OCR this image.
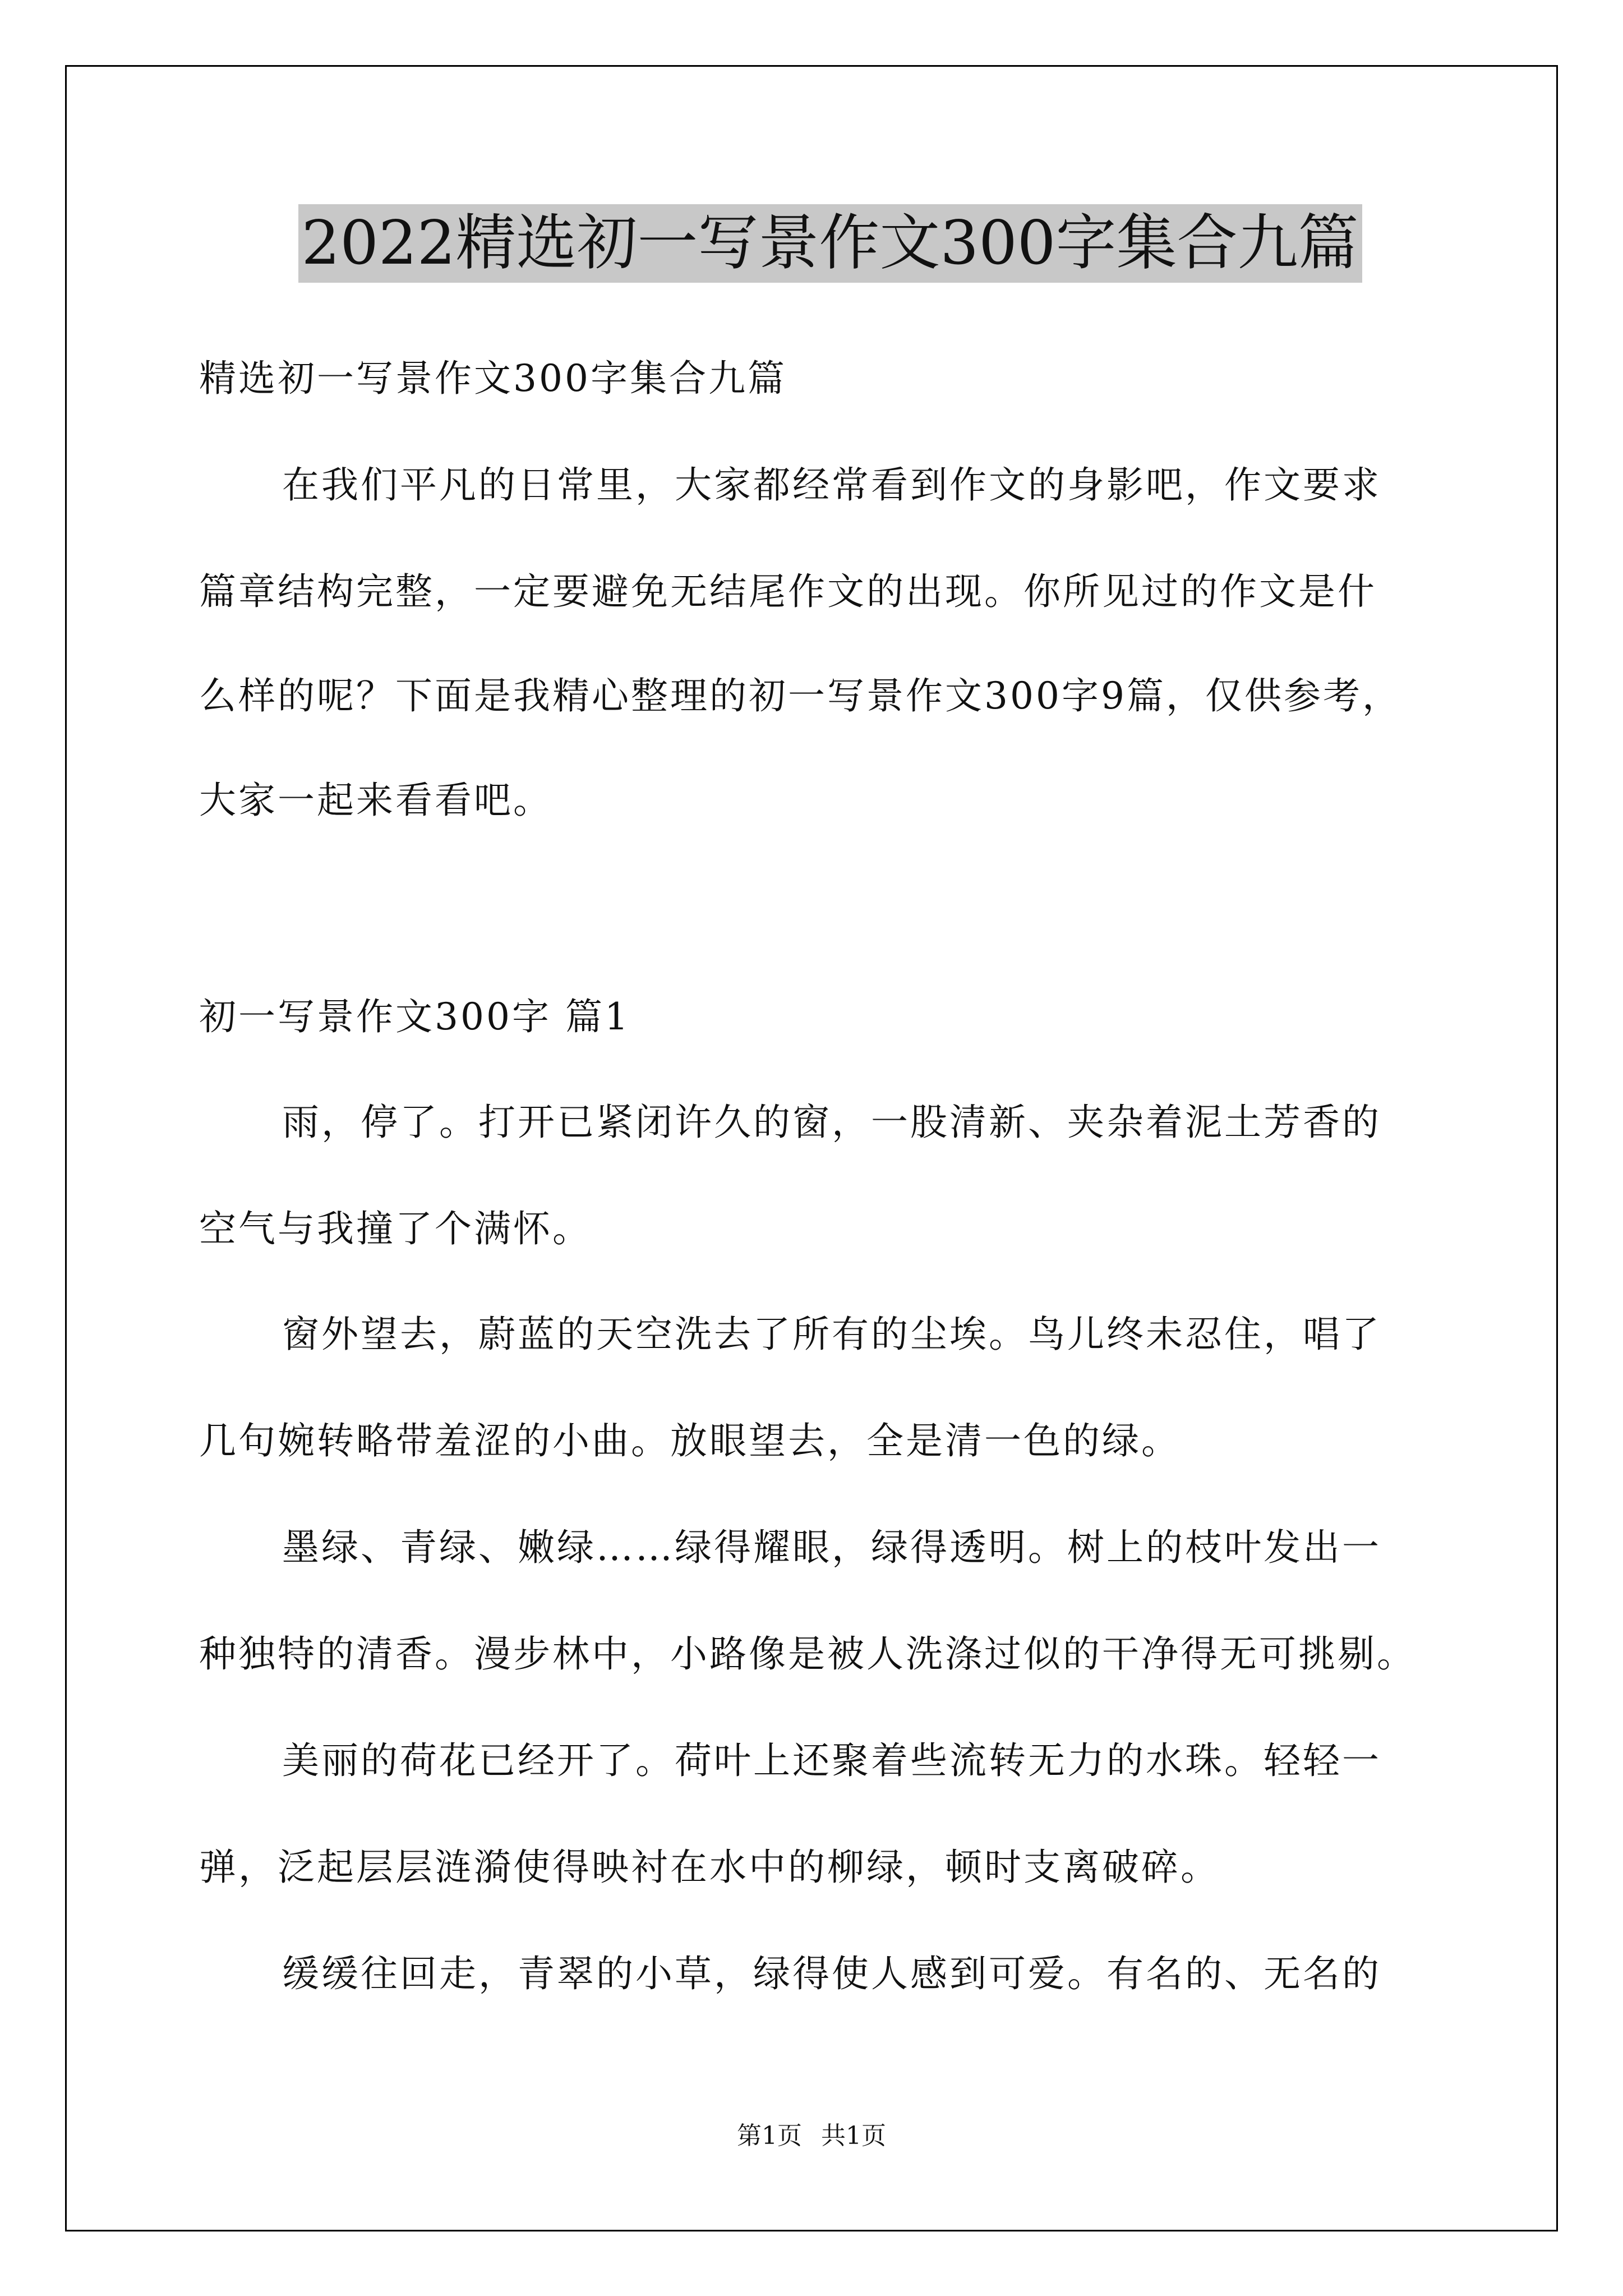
2022精选初一写景作文300字集合九篇
精选初一写景作文300字集合九篇
在我们平凡的日常里，大家都经常看到作文的身影吧，作文要求
篇章结构完整，一定要避免无结尾作文的出现。你所见过的作文是什
么样的呢？下面是我精心整理的初一写景作文300字9篇，仅供参考，
大家一起来看看吧。
初一写景作文300字 篇1
雨，停了。打开已紧闭许久的窗，一股清新、夹杂着泥土芳香的
空气与我撞了个满怀。
窗外望去，蔚蓝的天空洗去了所有的尘埃。鸟儿终未忍住，唱了
几句婉转略带羞涩的小曲。放眼望去，全是清一色的绿。
墨绿、青绿、嫩绿……绿得耀眼，绿得透明。树上的枝叶发出一
种独特的清香。漫步林中，小路像是被人洗涤过似的干净得无可挑剔。
美丽的荷花已经开了。荷叶上还聚着些流转无力的水珠。轻轻一
弹，泛起层层涟漪使得映衬在水中的柳绿，顿时支离破碎。
缓缓往回走，青翠的小草，绿得使人感到可爱。有名的、无名的
第1页 共1页
